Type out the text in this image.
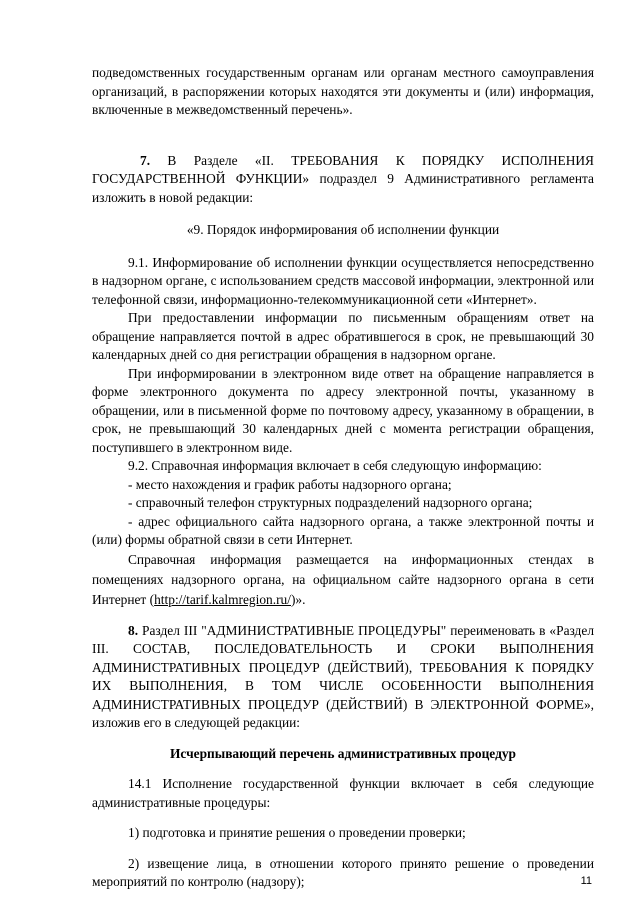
подведомственных государственным органам или органам местного самоуправления организаций, в распоряжении которых находятся эти документы и (или) информация, включенные в межведомственный перечень».

7. В Разделе «II. ТРЕБОВАНИЯ К ПОРЯДКУ ИСПОЛНЕНИЯ ГОСУДАРСТВЕННОЙ ФУНКЦИИ» подраздел 9 Административного регламента изложить в новой редакции:

«9. Порядок информирования об исполнении функции

9.1. Информирование об исполнении функции осуществляется непосредственно в надзорном органе, с использованием средств массовой информации, электронной или телефонной связи, информационно-телекоммуникационной сети «Интернет».

При предоставлении информации по письменным обращениям ответ на обращение направляется почтой в адрес обратившегося в срок, не превышающий 30 календарных дней со дня регистрации обращения в надзорном органе.

При информировании в электронном виде ответ на обращение направляется в форме электронного документа по адресу электронной почты, указанному в обращении, или в письменной форме по почтовому адресу, указанному в обращении, в срок, не превышающий 30 календарных дней с момента регистрации обращения, поступившего в электронном виде.

9.2. Справочная информация включает в себя следующую информацию:

- место нахождения и график работы надзорного органа;

- справочный телефон структурных подразделений надзорного органа;

- адрес официального сайта надзорного органа, а также электронной почты и (или) формы обратной связи в сети Интернет.

Справочная информация размещается на информационных стендах в помещениях надзорного органа, на официальном сайте надзорного органа в сети Интернет (http://tarif.kalmregion.ru/)».

8. Раздел III "АДМИНИСТРАТИВНЫЕ ПРОЦЕДУРЫ" переименовать в «Раздел III. СОСТАВ, ПОСЛЕДОВАТЕЛЬНОСТЬ И СРОКИ ВЫПОЛНЕНИЯ АДМИНИСТРАТИВНЫХ ПРОЦЕДУР (ДЕЙСТВИЙ), ТРЕБОВАНИЯ К ПОРЯДКУ ИХ ВЫПОЛНЕНИЯ, В ТОМ ЧИСЛЕ ОСОБЕННОСТИ ВЫПОЛНЕНИЯ АДМИНИСТРАТИВНЫХ ПРОЦЕДУР (ДЕЙСТВИЙ) В ЭЛЕКТРОННОЙ ФОРМЕ», изложив его в следующей редакции:

Исчерпывающий перечень административных процедур

14.1 Исполнение государственной функции включает в себя следующие административные процедуры:

1) подготовка и принятие решения о проведении проверки;

2) извещение лица, в отношении которого принято решение о проведении мероприятий по контролю (надзору);	11
